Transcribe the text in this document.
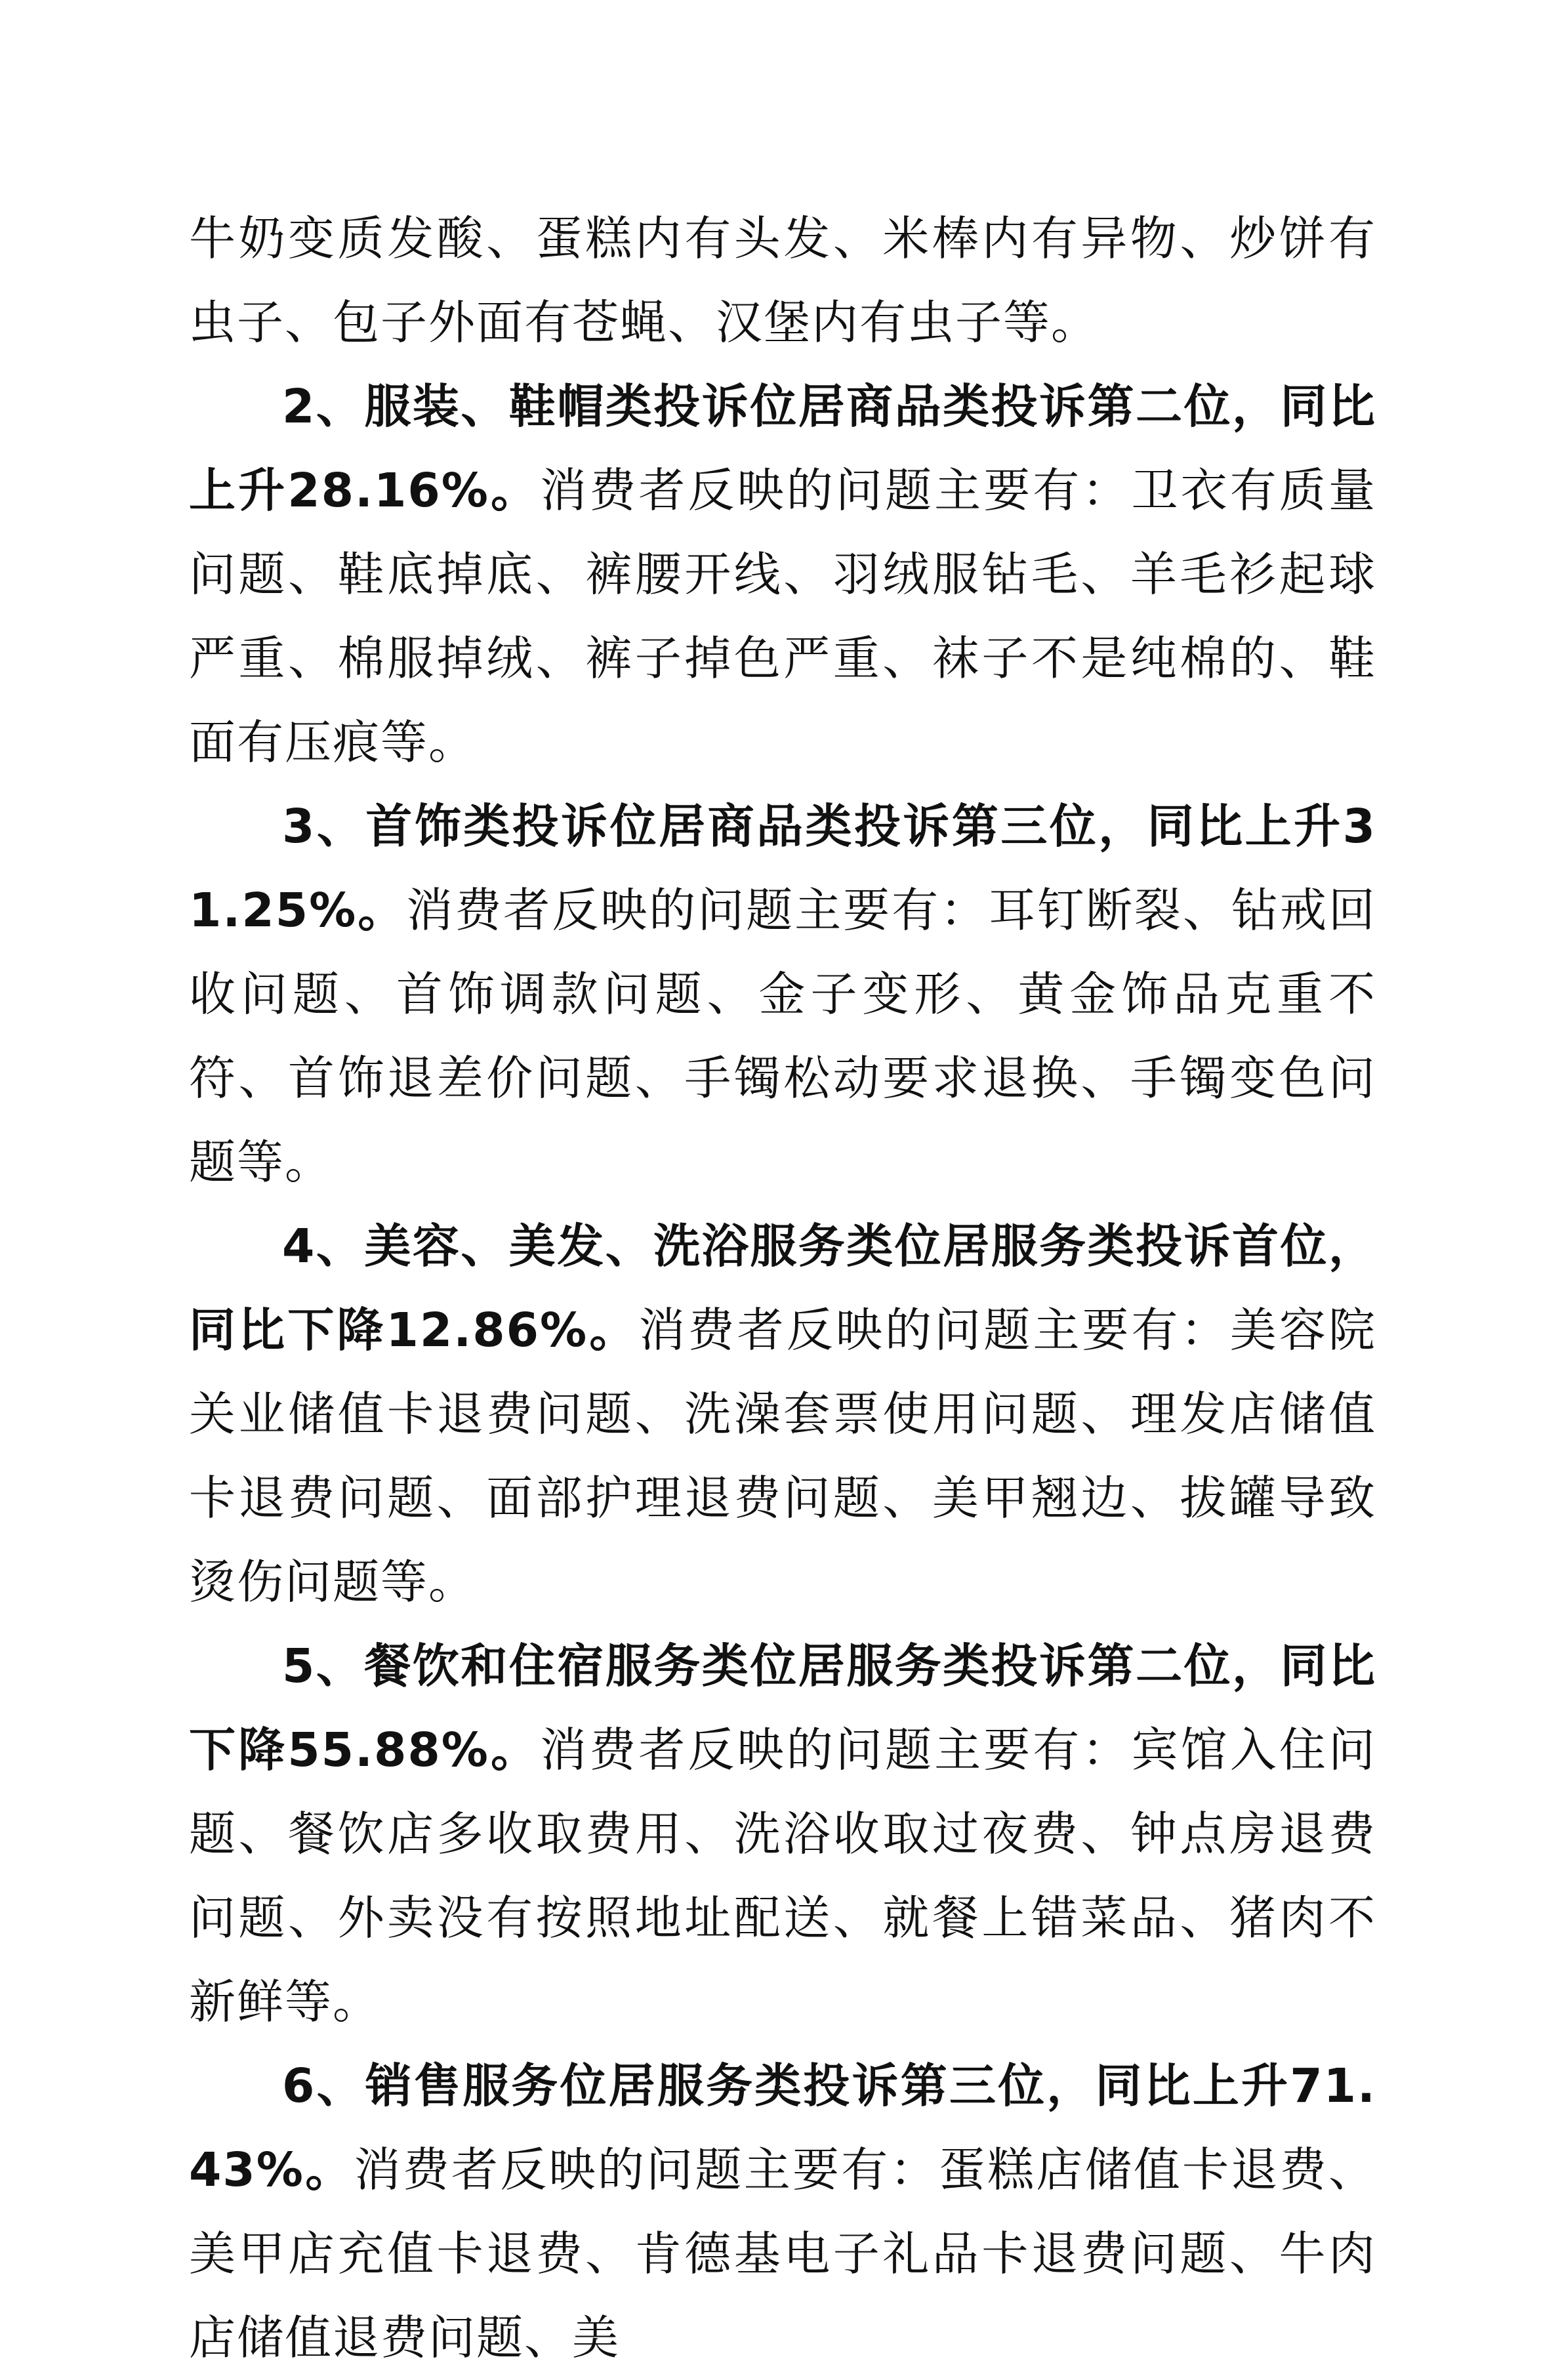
牛奶变质发酸、蛋糕内有头发、米棒内有异物、炒饼有虫子、包子外面有苍蝇、汉堡内有虫子等。

2、服装、鞋帽类投诉位居商品类投诉第二位，同比上升28.16%。消费者反映的问题主要有：卫衣有质量问题、鞋底掉底、裤腰开线、羽绒服钻毛、羊毛衫起球严重、棉服掉绒、裤子掉色严重、袜子不是纯棉的、鞋面有压痕等。

3、首饰类投诉位居商品类投诉第三位，同比上升31.25%。消费者反映的问题主要有：耳钉断裂、钻戒回收问题、首饰调款问题、金子变形、黄金饰品克重不符、首饰退差价问题、手镯松动要求退换、手镯变色问题等。

4、美容、美发、洗浴服务类位居服务类投诉首位，同比下降12.86%。消费者反映的问题主要有：美容院关业储值卡退费问题、洗澡套票使用问题、理发店储值卡退费问题、面部护理退费问题、美甲翘边、拔罐导致烫伤问题等。

5、餐饮和住宿服务类位居服务类投诉第二位，同比下降55.88%。消费者反映的问题主要有：宾馆入住问题、餐饮店多收取费用、洗浴收取过夜费、钟点房退费问题、外卖没有按照地址配送、就餐上错菜品、猪肉不新鲜等。

6、销售服务位居服务类投诉第三位，同比上升71.43%。消费者反映的问题主要有：蛋糕店储值卡退费、美甲店充值卡退费、肯德基电子礼品卡退费问题、牛肉店储值退费问题、美
